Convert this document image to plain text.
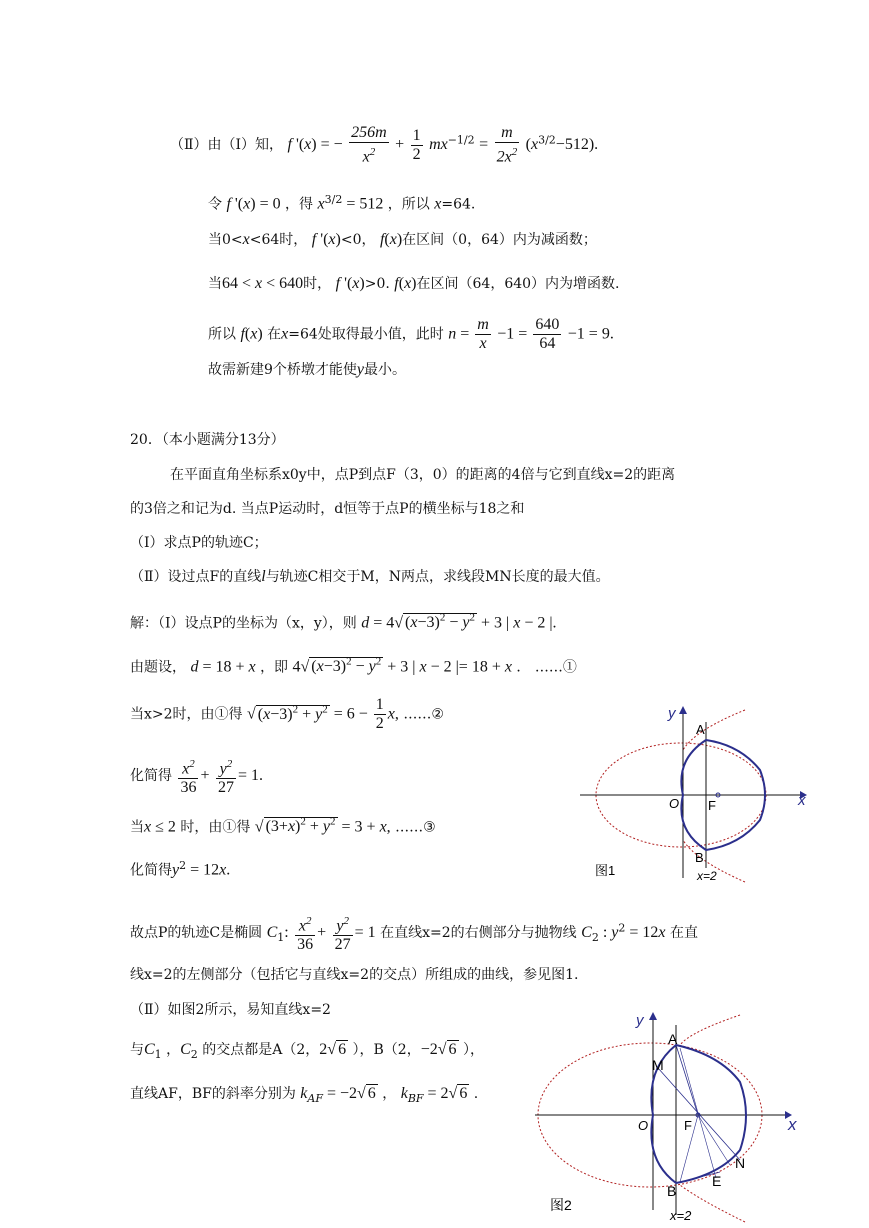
（Ⅱ）由（Ⅰ）知， f '(x) = − $\frac{256m}{x^2} + \frac{1}{2} mx^{-1/2} = \frac{m}{2x^2} (x^{3/2}-512)$.
令 f '(x) = 0 ，得 $x^{3/2} = 512$ ，所以 x=64.
当0<x<64时， f '(x)<0， f(x)在区间（0，64）内为减函数；
当64 < x < 640时， f '(x)>0. f(x)在区间（64，640）内为增函数.
所以 f(x) 在x=64处取得最小值，此时 $n = \frac{m}{x} -1 = \frac{640}{64} -1 = 9$.
故需新建9个桥墩才能使y最小。
20．（本小题满分13分）
在平面直角坐标系x0y中，点P到点F（3，0）的距离的4倍与它到直线x=2的距离
的3倍之和记为d. 当点P运动时，d恒等于点P的横坐标与18之和
（Ⅰ）求点P的轨迹C；
（Ⅱ）设过点F的直线l与轨迹C相交于M，N两点，求线段MN长度的最大值。
解：（Ⅰ）设点P的坐标为（x，y），则 d = 4√ $(x-3)^2 - y^2 + 3$ | x − 2 |.
由题设， d = 18 + x ，即 4√ $(x-3)^2 - y^2 + 3$ | x − 2 |= 18 + x ． ……①
当x>2时，由①得 √ $(x-3)^2 + y^2 = 6 - \frac{1}{2} x$, ……②
化简得 $\frac{x^2}{36} + \frac{y^2}{27} = 1$.
当x ≤ 2 时，由①得 √ $(3+x)^2 + y^2 = 3 + x$, ……③
化简得$y^2 = 12x$.
故点P的轨迹C是椭圆 $C_1$: $\frac{x^2}{36} + \frac{y^2}{27} = 1$ 在直线x=2的右侧部分与抛物线 $C_2$ : $y^2 = 12x$ 在直
线x=2的左侧部分（包括它与直线x=2的交点）所组成的曲线，参见图1.
（Ⅱ）如图2所示，易知直线x=2
与$C_1$ ，$C_2$ 的交点都是A（2，2√ 6 ），B（2，−2√ 6 ），
直线AF，BF的斜率分别为 $k_{AF} = -2√$ 6 ， $k_{BF} = 2√$ 6 .
y
x
O F
A
B
图1	x=2
y
x
O	F
A
M
N
E
B
图2
x=2
